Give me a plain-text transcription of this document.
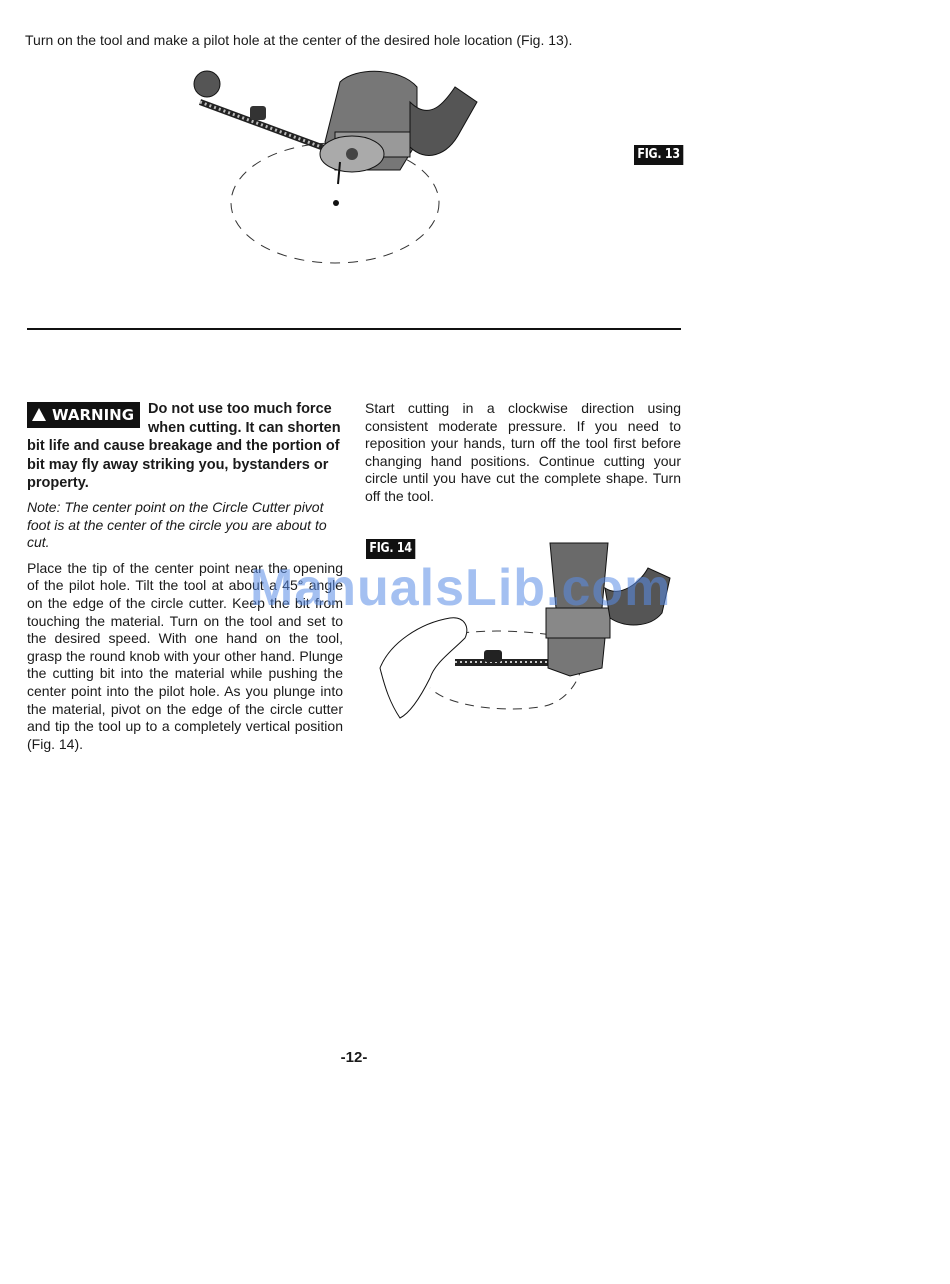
Turn on the tool and make a pilot hole at the center of the desired hole location (Fig. 13).
FIG. 13
WARNING Do not use too much force when cutting. It can shorten bit life and cause breakage and the portion of bit may fly away striking you, bystanders or property.
Note: The center point on the Circle Cutter pivot foot is at the center of the circle you are about to cut.
Place the tip of the center point near the opening of the pilot hole. Tilt the tool at about a 45° angle on the edge of the circle cutter. Keep the bit from touching the material. Turn on the tool and set to the desired speed. With one hand on the tool, grasp the round knob with your other hand. Plunge the cutting bit into the material while pushing the center point into the pilot hole. As you plunge into the material, pivot on the edge of the circle cutter and tip the tool up to a completely vertical position (Fig. 14).

Start cutting in a clockwise direction using consistent moderate pressure. If you need to reposition your hands, turn off the tool first before changing hand positions. Continue cutting your circle until you have cut the complete shape. Turn off the tool.

FIG. 14
ManualsLib.com
-12-
